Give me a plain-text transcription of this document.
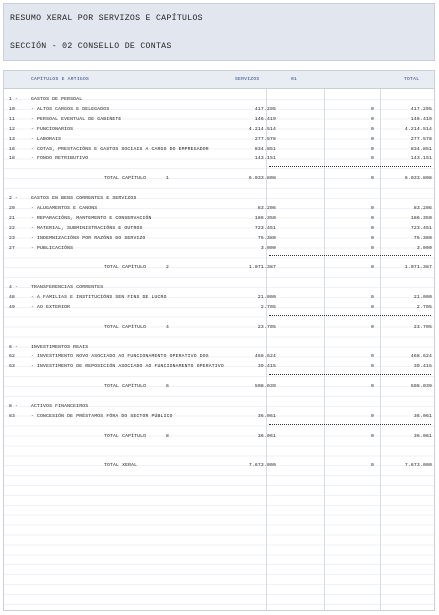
RESUMO XERAL POR SERVIZOS E CAPÍTULOS
SECCIÓN - 02 CONSELLO DE CONTAS
CAPÍTULOS E ARTIGOS	SERVIZOS	01	TOTAL
1 -	GASTOS DE PERSOAL
10	- ALTOS CARGOS E DELEGADOS	417.295	0	417.295
11	- PERSOAL EVENTUAL DE GABINETE	146.419	0	146.419
12	- FUNCIONARIOS	4.214.514	0	4.214.514
13	- LABORAIS	277.578	0	277.578
16	- COTAS, PRESTACIÓNS E GASTOS SOCIAIS A CARGO DO EMPREGADOR	834.851	0	834.851
18	- FONDO RETRIBUTIVO	143.151	0	143.151
TOTAL CAPÍTULO	1	6.033.808	0	6.033.808
2 -	GASTOS EN BENS CORRENTES E SERVIZOS
20	- ALUGAMENTOS E CANONS	83.206	0	83.206
21	- REPARACIÓNS, MANTEMENTO E CONSERVACIÓN	186.350	0	186.350
22	- MATERIAL, SUBMINISTRACIÓNS E OUTROS	723.451	0	723.451
23	- INDEMNIZACIÓNS POR RAZÓNS DO SERVIZO	75.380	0	75.380
27	- PUBLICACIÓNS	3.000	0	3.000
TOTAL CAPÍTULO	2	1.071.387	0	1.071.387
4 -	TRANSFERENCIAS CORRENTES
48	- A FAMILIAS E INSTITUCIÓNS SEN FINS DE LUCRO	21.000	0	21.000
49	- AO EXTERIOR	2.705	0	2.705
TOTAL CAPÍTULO	4	23.705	0	23.705
6 -	INVESTIMENTOS REAIS
62	- INVESTIMENTO NOVO ASOCIADO AO FUNCIONAMENTO OPERATIVO DOS	468.624	0	468.624
63	- INVESTIMENTO DE REPOSICIÓN ASOCIADO AO FUNCIONAMENTO OPERATIVO	39.415	0	39.415
TOTAL CAPÍTULO	6	508.039	0	508.039
8 -	ACTIVOS FINANCEIROS
83	- CONCESIÓN DE PRÉSTAMOS FÓRA DO SECTOR PÚBLICO	36.061	0	36.061
TOTAL CAPÍTULO	8	36.061	0	36.061
TOTAL XERAL	7.673.000	0	7.673.000
